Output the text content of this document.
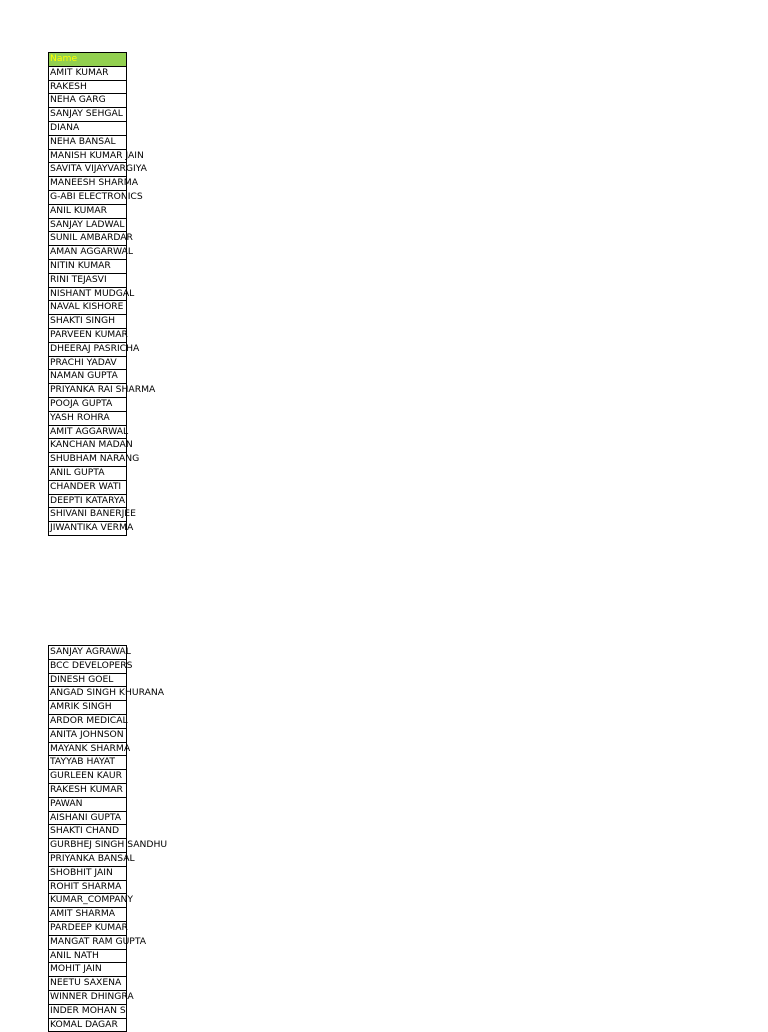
Name
AMIT KUMAR
RAKESH
NEHA GARG
SANJAY SEHGAL
DIANA
NEHA BANSAL
MANISH KUMAR JAIN
SAVITA VIJAYVARGIYA
MANEESH SHARMA
G-ABI ELECTRONICS
ANIL KUMAR
SANJAY LADWAL
SUNIL AMBARDAR
AMAN AGGARWAL
NITIN KUMAR
RINI TEJASVI
NISHANT MUDGAL
NAVAL KISHORE
SHAKTI SINGH
PARVEEN KUMAR
DHEERAJ PASRICHA
PRACHI YADAV
NAMAN GUPTA
PRIYANKA RAI SHARMA
POOJA GUPTA
YASH ROHRA
AMIT AGGARWAL
KANCHAN MADAN
SHUBHAM NARANG
ANIL GUPTA
CHANDER WATI
DEEPTI KATARYA
SHIVANI BANERJEE
JIWANTIKA VERMA
SANJAY AGRAWAL
BCC DEVELOPERS
DINESH GOEL
ANGAD SINGH KHURANA
AMRIK SINGH
ARDOR MEDICAL
ANITA JOHNSON
MAYANK SHARMA
TAYYAB HAYAT
GURLEEN KAUR
RAKESH KUMAR
PAWAN
AISHANI GUPTA
SHAKTI CHAND
GURBHEJ SINGH SANDHU
PRIYANKA BANSAL
SHOBHIT JAIN
ROHIT SHARMA
KUMAR_COMPANY
AMIT SHARMA
PARDEEP KUMAR
MANGAT RAM GUPTA
ANIL NATH
MOHIT JAIN
NEETU SAXENA
WINNER DHINGRA
INDER MOHAN S
KOMAL DAGAR
